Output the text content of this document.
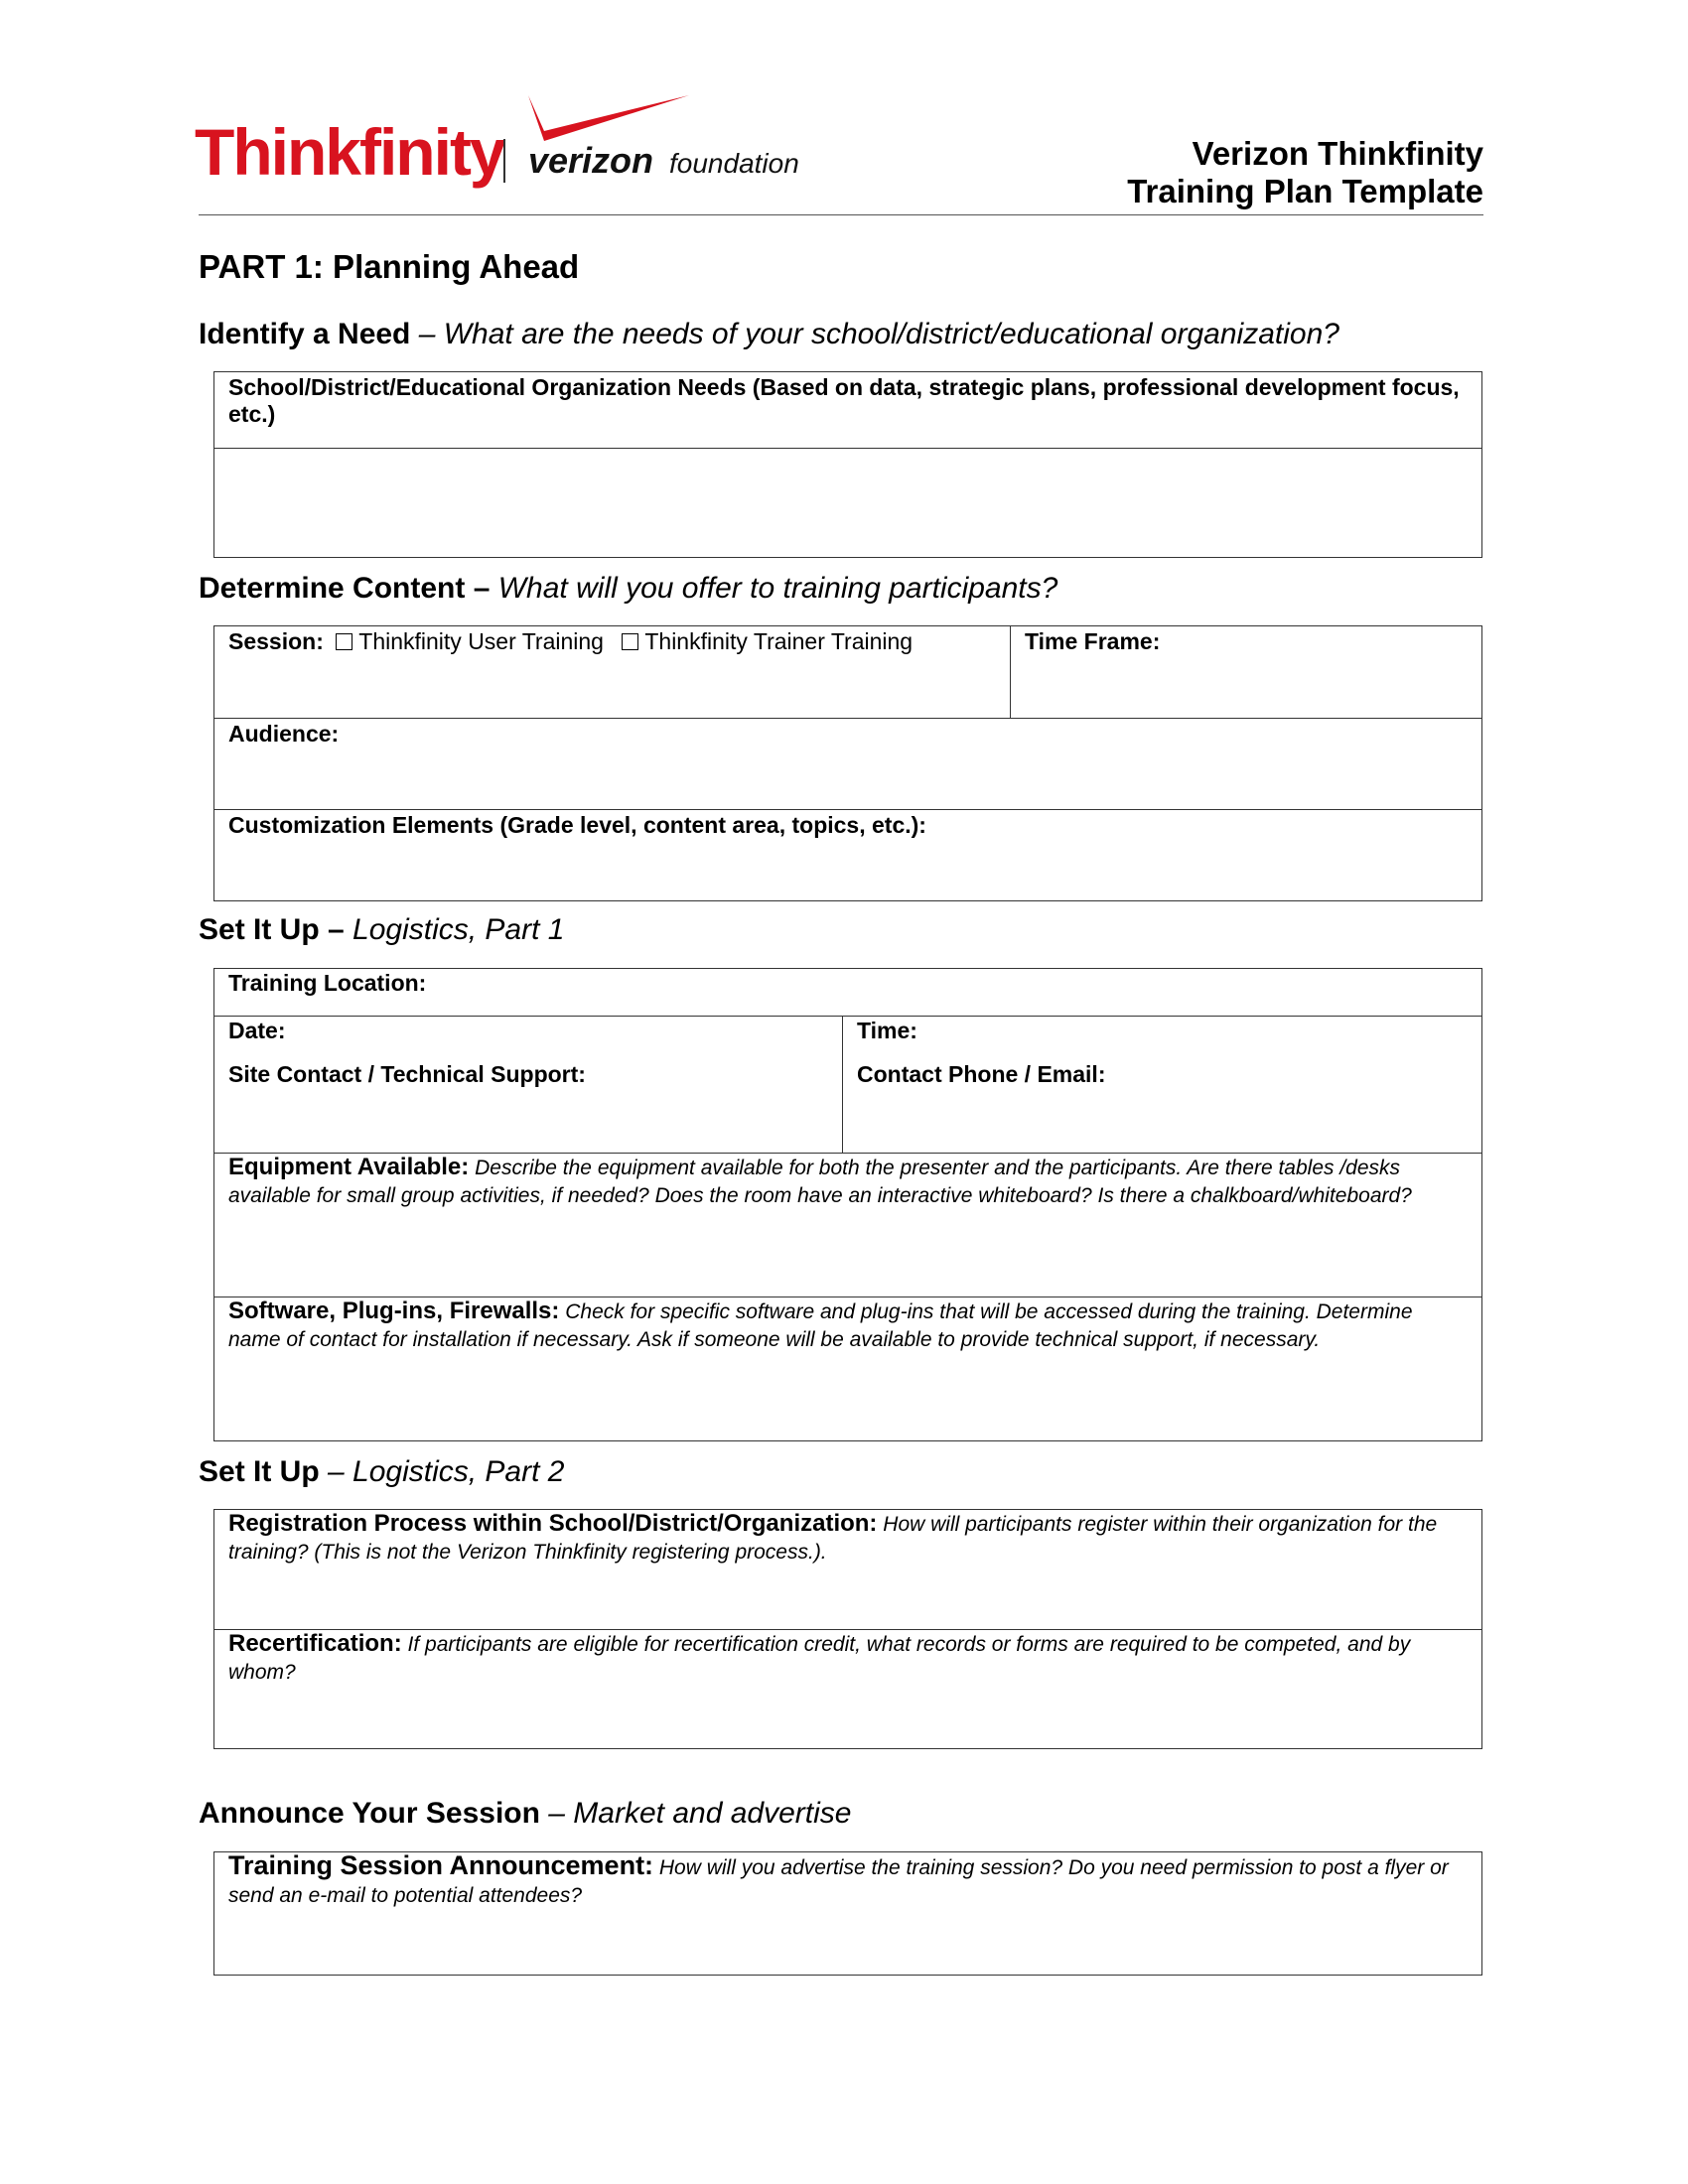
Thinkfinity verizon foundation	Verizon Thinkfinity
Training Plan Template
PART 1: Planning Ahead
Identify a Need – What are the needs of your school/district/educational organization?
School/District/Educational Organization Needs (Based on data, strategic plans, professional development focus, etc.)
Determine Content – What will you offer to training participants?
Session: Thinkfinity User Training Thinkfinity Trainer Training	Time Frame:
Audience:
Customization Elements (Grade level, content area, topics, etc.):
Set It Up – Logistics, Part 1
Training Location:
Date:	Time:
Site Contact / Technical Support:	Contact Phone / Email:
Equipment Available: Describe the equipment available for both the presenter and the participants. Are there tables /desks available for small group activities, if needed? Does the room have an interactive whiteboard? Is there a chalkboard/whiteboard?
Software, Plug-ins, Firewalls: Check for specific software and plug-ins that will be accessed during the training. Determine name of contact for installation if necessary. Ask if someone will be available to provide technical support, if necessary.
Set It Up – Logistics, Part 2
Registration Process within School/District/Organization: How will participants register within their organization for the training? (This is not the Verizon Thinkfinity registering process.).
Recertification: If participants are eligible for recertification credit, what records or forms are required to be competed, and by whom?
Announce Your Session – Market and advertise
Training Session Announcement: How will you advertise the training session? Do you need permission to post a flyer or send an e-mail to potential attendees?
